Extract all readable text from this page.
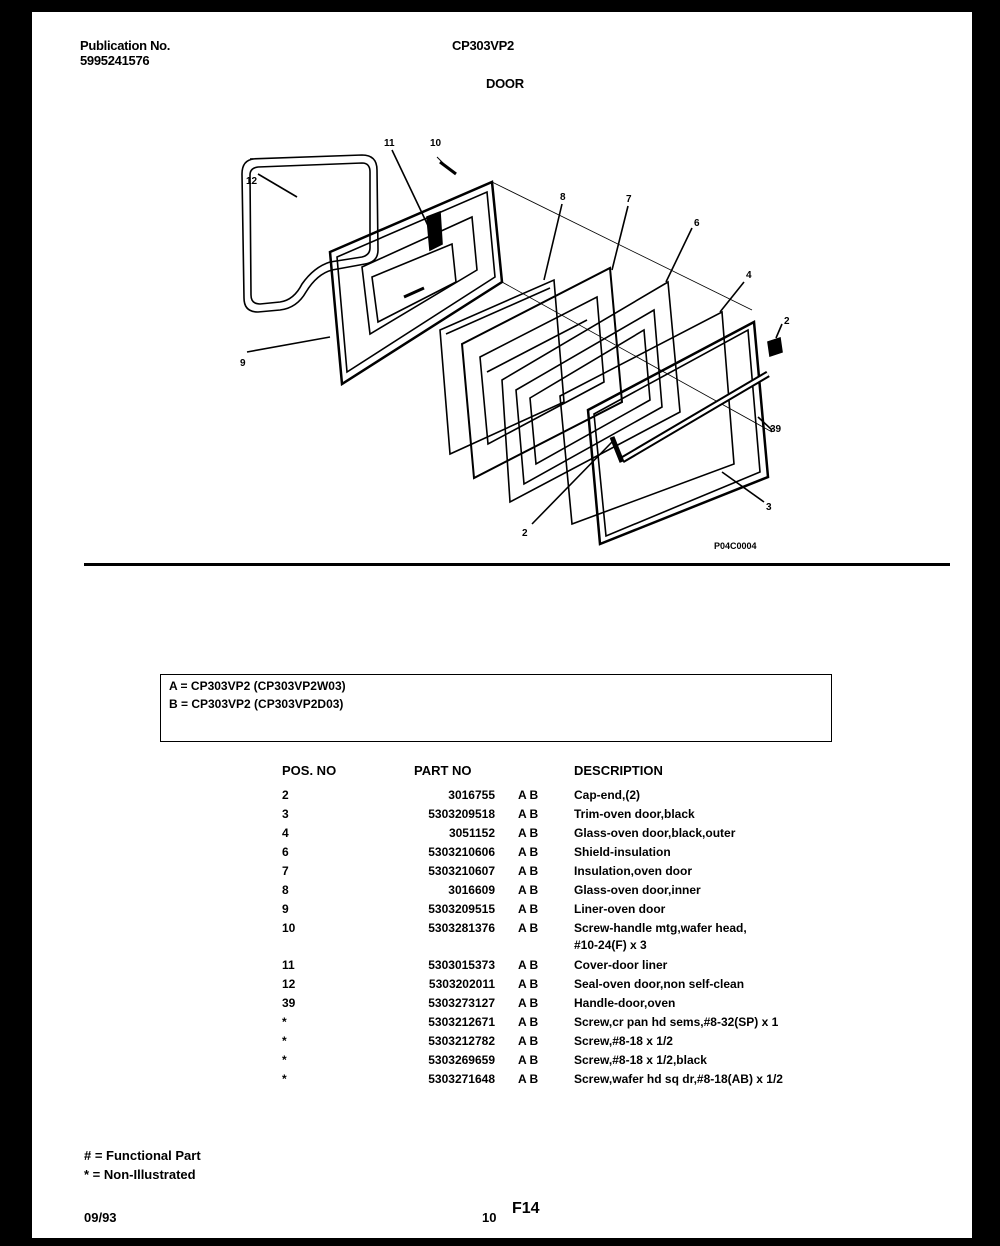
Publication No.
5995241576
CP303VP2
DOOR
11	10
12
9
8	7
6
4
2
39
3
2
P04C0004
A = CP303VP2 (CP303VP2W03)
B = CP303VP2 (CP303VP2D03)
POS. NO	PART NO	DESCRIPTION
2	3016755 A B	Cap-end,(2)
3	5303209518 A B	Trim-oven door,black
4	3051152 A B	Glass-oven door,black,outer
6	5303210606 A B	Shield-insulation
7	5303210607 A B	Insulation,oven door
8	3016609 A B	Glass-oven door,inner
9	5303209515 A B	Liner-oven door
10	5303281376 A B	Screw-handle mtg,wafer head,
#10-24(F) x 3
11	5303015373 A B	Cover-door liner
12	5303202011 A B	Seal-oven door,non self-clean
39	5303273127 A B	Handle-door,oven
*	5303212671 A B	Screw,cr pan hd sems,#8-32(SP) x 1
*	5303212782 A B	Screw,#8-18 x 1/2
*	5303269659 A B	Screw,#8-18 x 1/2,black
*	5303271648 A B	Screw,wafer hd sq dr,#8-18(AB) x 1/2
# = Functional Part
* = Non-Illustrated
09/93	10
F14
